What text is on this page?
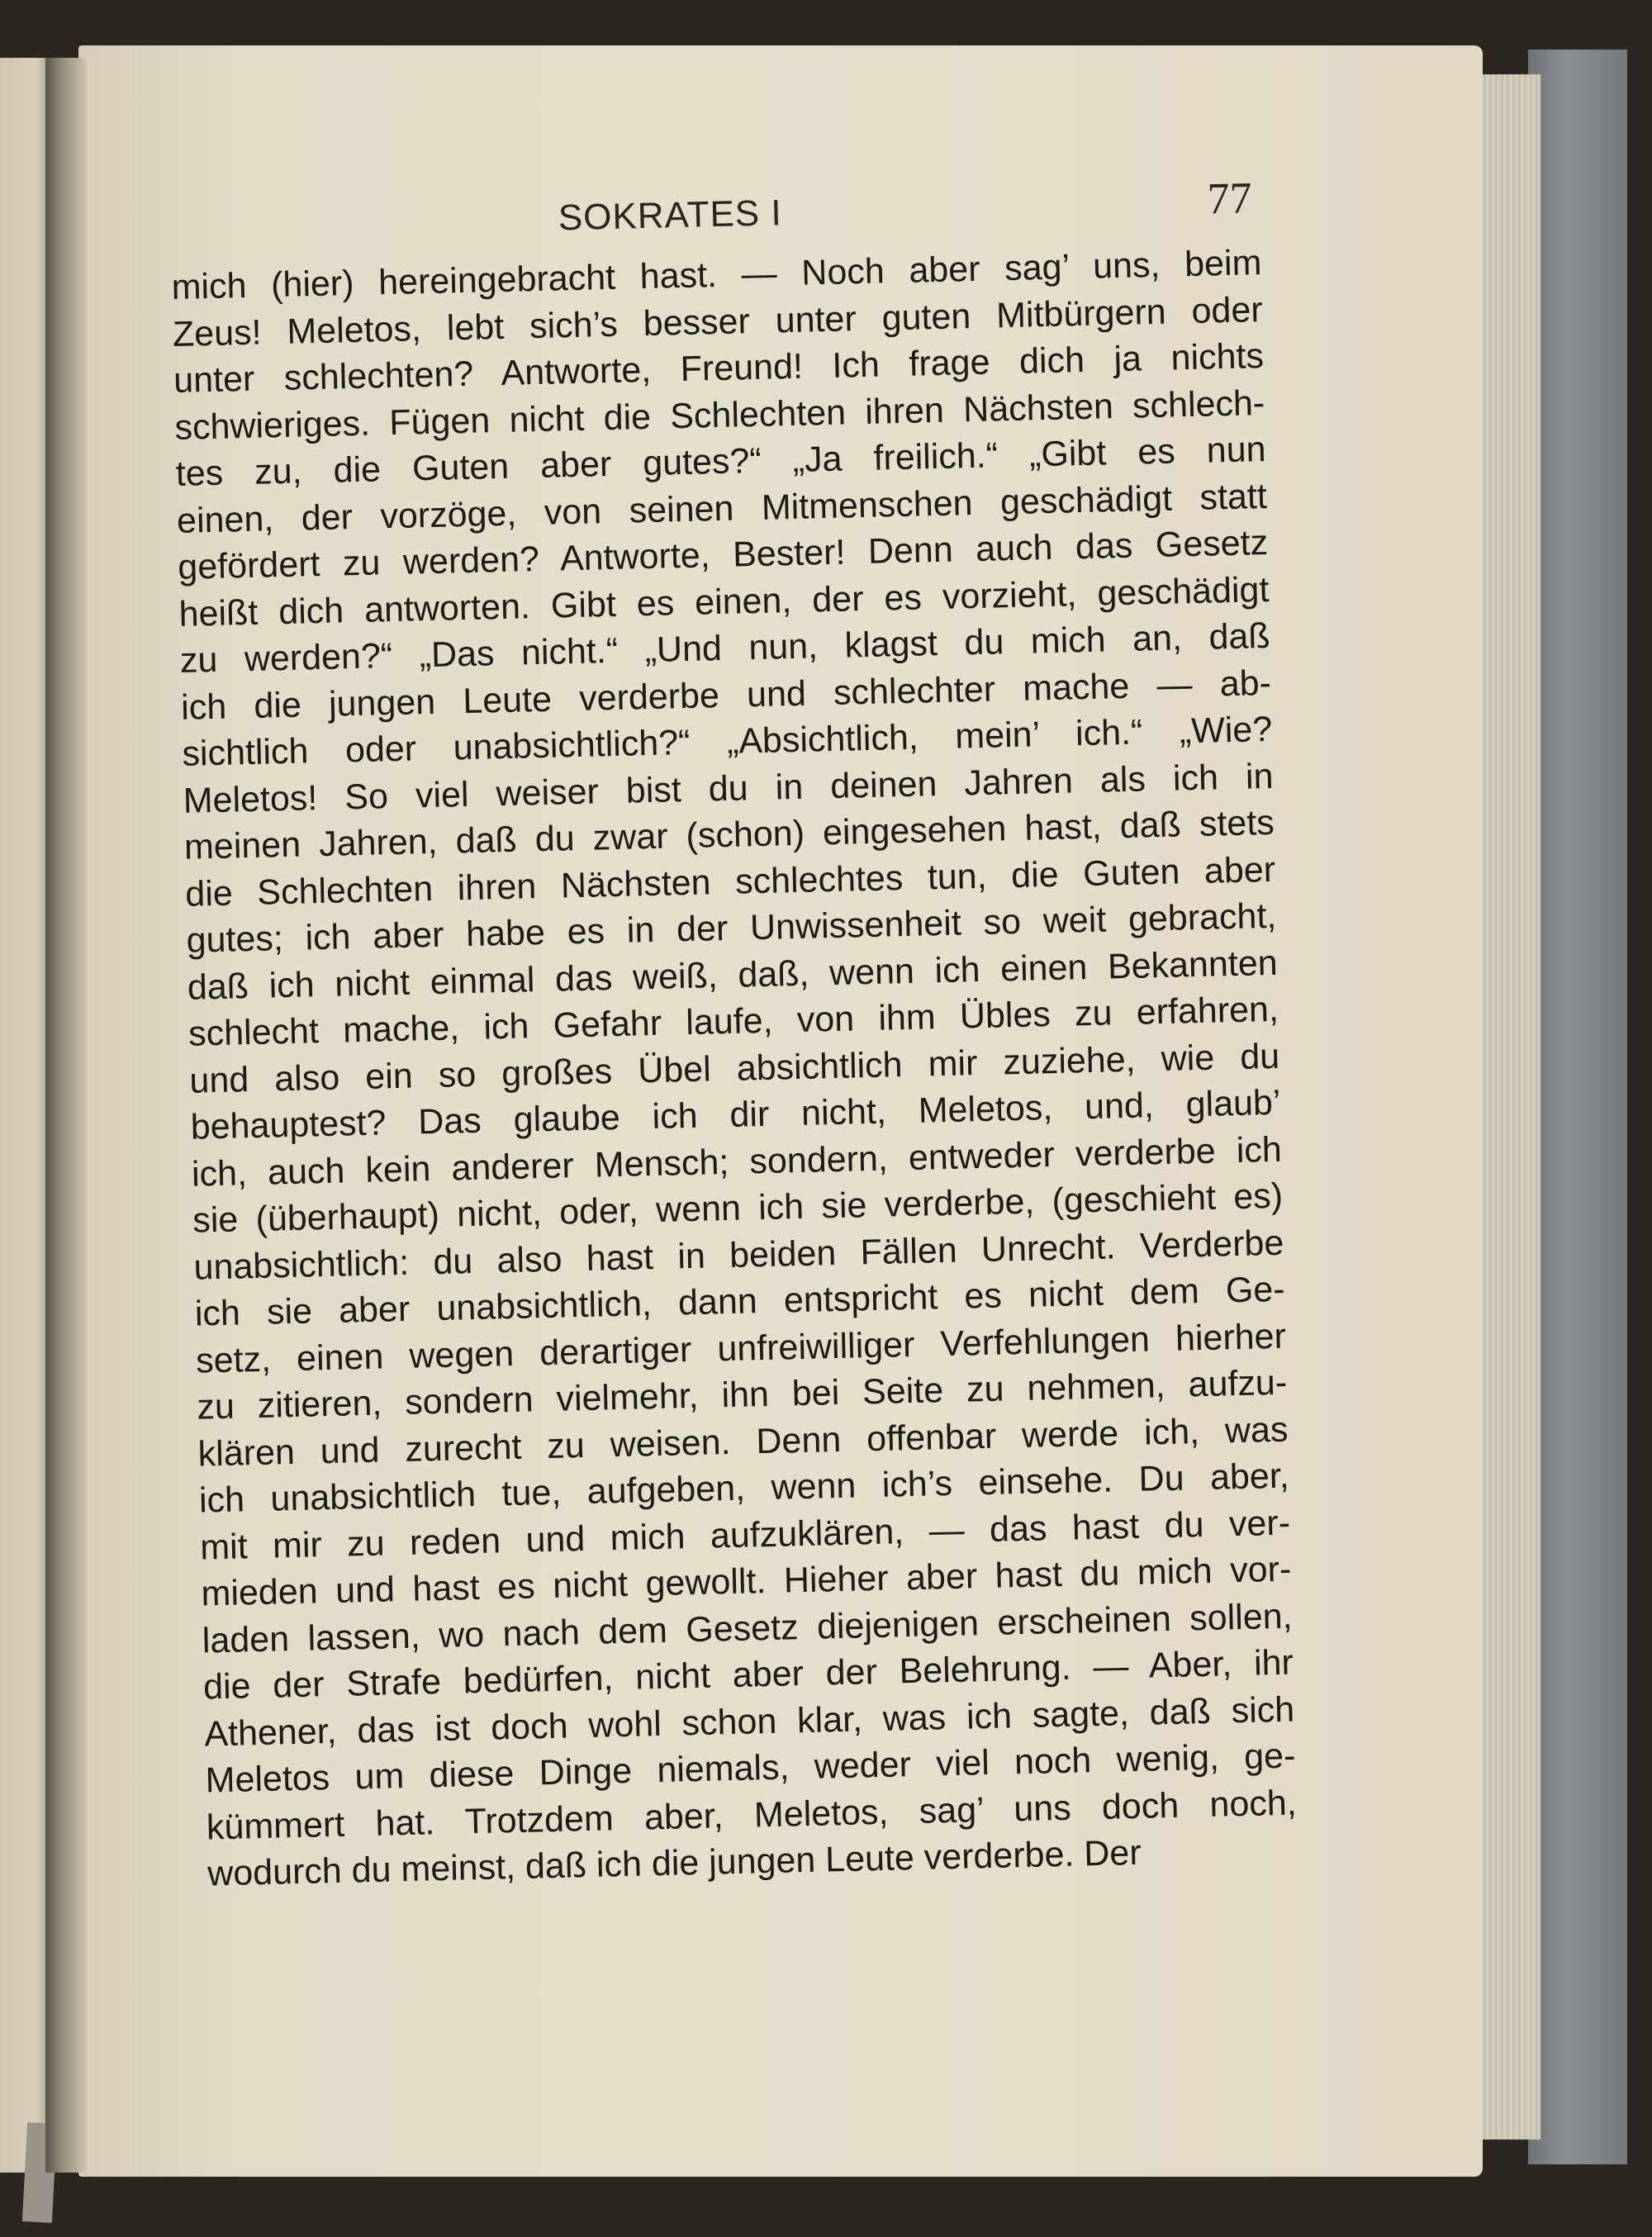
SOKRATES I	77

mich (hier) hereingebracht hast. — Noch aber sag’ uns, beim
Zeus! Meletos, lebt sich’s besser unter guten Mitbürgern oder
unter schlechten? Antworte, Freund! Ich frage dich ja nichts
schwieriges. Fügen nicht die Schlechten ihren Nächsten schlech-
tes zu, die Guten aber gutes?“ „Ja freilich.“ „Gibt es nun
einen, der vorzöge, von seinen Mitmenschen geschädigt statt
gefördert zu werden? Antworte, Bester! Denn auch das Gesetz
heißt dich antworten. Gibt es einen, der es vorzieht, geschädigt
zu werden?“ „Das nicht.“ „Und nun, klagst du mich an, daß
ich die jungen Leute verderbe und schlechter mache — ab-
sichtlich oder unabsichtlich?“ „Absichtlich, mein’ ich.“ „Wie?
Meletos! So viel weiser bist du in deinen Jahren als ich in
meinen Jahren, daß du zwar (schon) eingesehen hast, daß stets
die Schlechten ihren Nächsten schlechtes tun, die Guten aber
gutes; ich aber habe es in der Unwissenheit so weit gebracht,
daß ich nicht einmal das weiß, daß, wenn ich einen Bekannten
schlecht mache, ich Gefahr laufe, von ihm Übles zu erfahren,
und also ein so großes Übel absichtlich mir zuziehe, wie du
behauptest? Das glaube ich dir nicht, Meletos, und, glaub’
ich, auch kein anderer Mensch; sondern, entweder verderbe ich
sie (überhaupt) nicht, oder, wenn ich sie verderbe, (geschieht es)
unabsichtlich: du also hast in beiden Fällen Unrecht. Verderbe
ich sie aber unabsichtlich, dann entspricht es nicht dem Ge-
setz, einen wegen derartiger unfreiwilliger Verfehlungen hierher
zu zitieren, sondern vielmehr, ihn bei Seite zu nehmen, aufzu-
klären und zurecht zu weisen. Denn offenbar werde ich, was
ich unabsichtlich tue, aufgeben, wenn ich’s einsehe. Du aber,
mit mir zu reden und mich aufzuklären, — das hast du ver-
mieden und hast es nicht gewollt. Hieher aber hast du mich vor-
laden lassen, wo nach dem Gesetz diejenigen erscheinen sollen,
die der Strafe bedürfen, nicht aber der Belehrung. — Aber, ihr
Athener, das ist doch wohl schon klar, was ich sagte, daß sich
Meletos um diese Dinge niemals, weder viel noch wenig, ge-
kümmert hat. Trotzdem aber, Meletos, sag’ uns doch noch,
wodurch du meinst, daß ich die jungen Leute verderbe. Der
